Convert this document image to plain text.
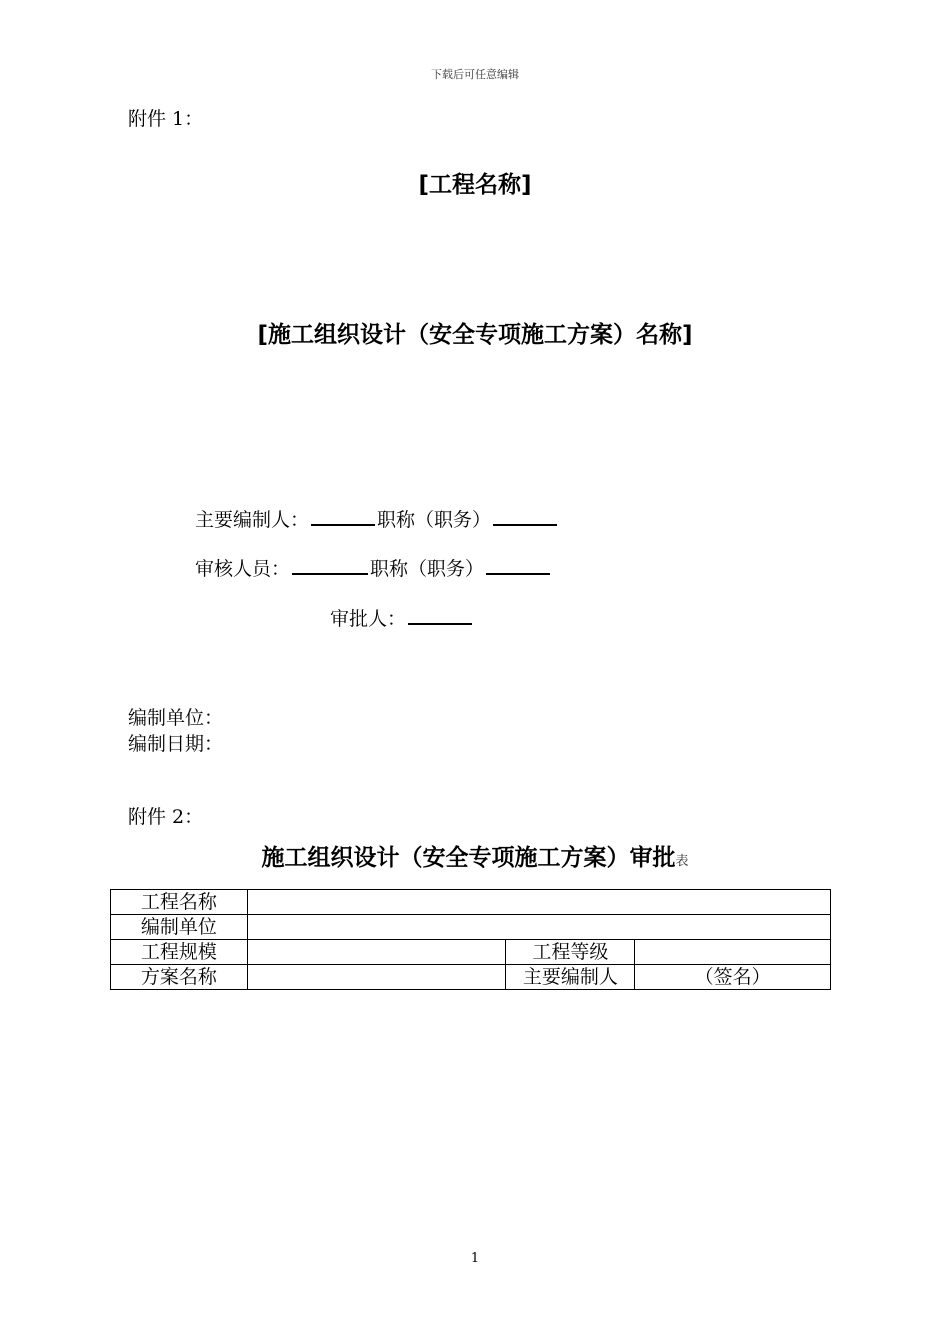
下载后可任意编辑
附件 1：
[工程名称]
[施工组织设计（安全专项施工方案）名称]
主要编制人：	职称（职务）
审核人员：	职称（职务）
审批人：
编制单位：
编制日期：
附件 2：
施工组织设计（安全专项施工方案）审批表
工程名称			
编制单位			
工程规模		工程等级	
方案名称		主要编制人	（签名）
1
